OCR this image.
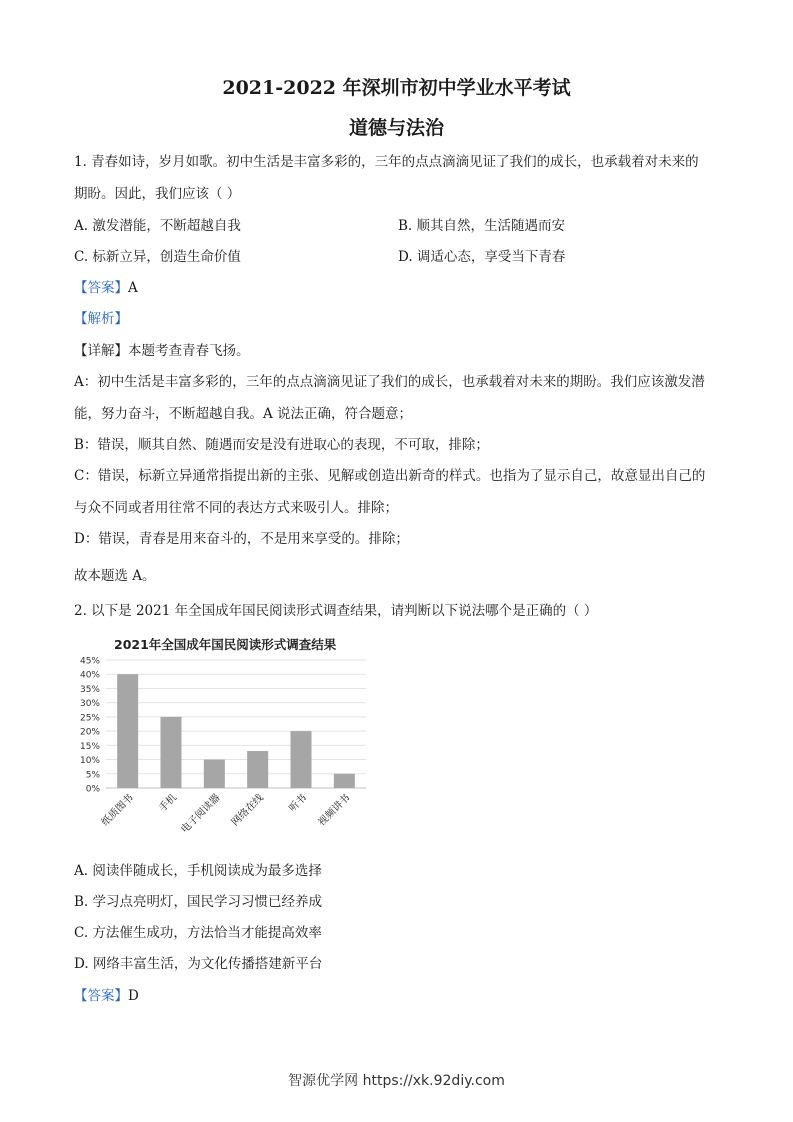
2021-2022 年深圳市初中学业水平考试
道德与法治
1. 青春如诗，岁月如歌。初中生活是丰富多彩的，三年的点点滴滴见证了我们的成长，也承载着对未来的
期盼。因此，我们应该（ ）
A. 激发潜能，不断超越自我	B. 顺其自然，生活随遇而安
C. 标新立异，创造生命价值	D. 调适心态，享受当下青春
【答案】A
【解析】
【详解】本题考查青春飞扬。
A：初中生活是丰富多彩的，三年的点点滴滴见证了我们的成长，也承载着对未来的期盼。我们应该激发潜
能，努力奋斗，不断超越自我。A 说法正确，符合题意；
B：错误，顺其自然、随遇而安是没有进取心的表现，不可取，排除；
C：错误，标新立异通常指提出新的主张、见解或创造出新奇的样式。也指为了显示自己，故意显出自己的
与众不同或者用往常不同的表达方式来吸引人。排除；
D：错误，青春是用来奋斗的，不是用来享受的。排除；
故本题选 A。
2. 以下是 2021 年全国成年国民阅读形式调查结果，请判断以下说法哪个是正确的（ ）
2021年全国成年国民阅读形式调查结果
0%
5%
10%
15%
20%
25%
30%
35%
40%
45%
纸质图书 手机 电子阅读器 网络在线 听书 视频讲书
A. 阅读伴随成长，手机阅读成为最多选择
B. 学习点亮明灯，国民学习习惯已经养成
C. 方法催生成功，方法恰当才能提高效率
D. 网络丰富生活，为文化传播搭建新平台
【答案】D
智源优学网 https://xk.92diy.com
